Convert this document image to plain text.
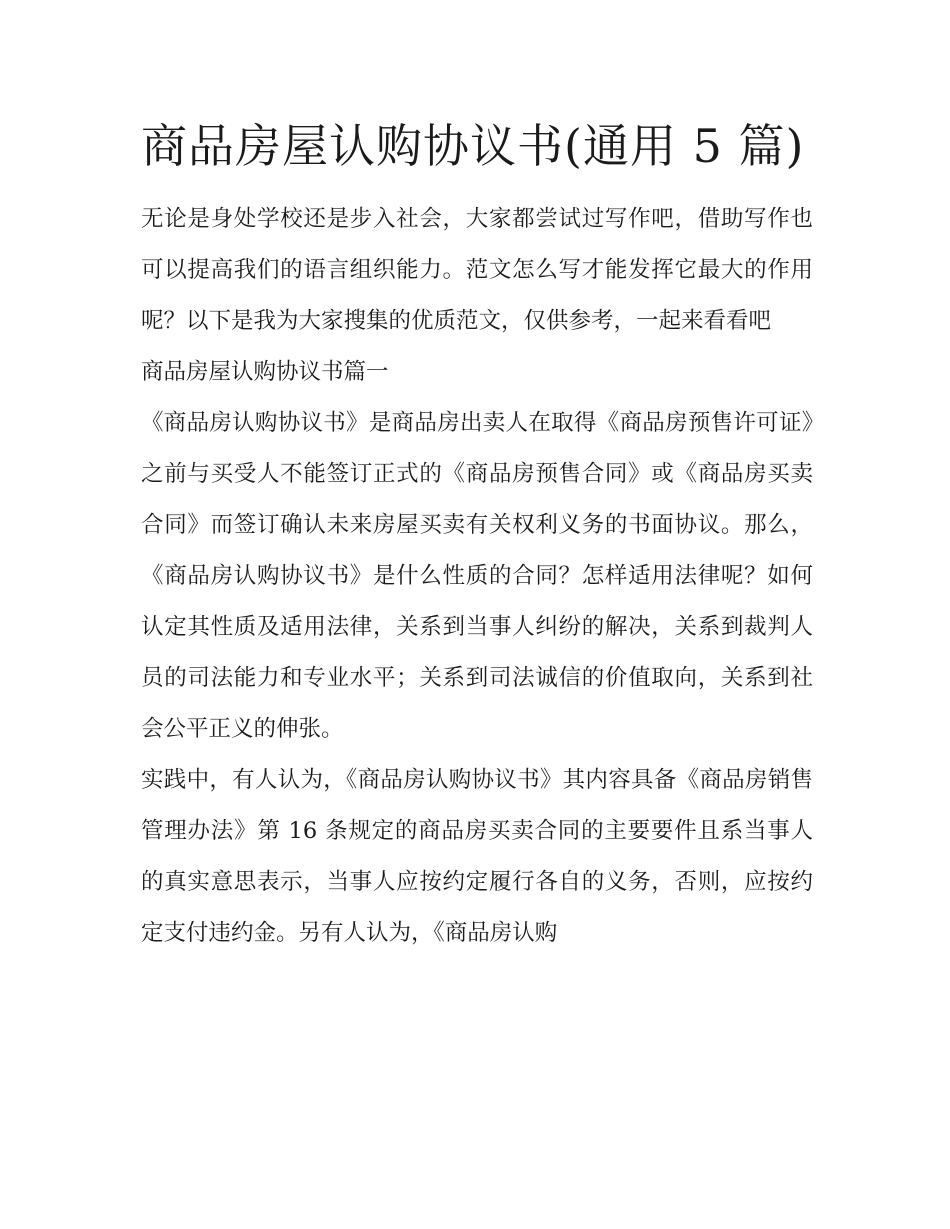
商品房屋认购协议书(通用 5 篇)

无论是身处学校还是步入社会，大家都尝试过写作吧，借助写作也可以提高我们的语言组织能力。范文怎么写才能发挥它最大的作用呢？以下是我为大家搜集的优质范文，仅供参考，一起来看看吧

商品房屋认购协议书篇一

《商品房认购协议书》是商品房出卖人在取得《商品房预售许可证》之前与买受人不能签订正式的《商品房预售合同》或《商品房买卖合同》而签订确认未来房屋买卖有关权利义务的书面协议。那么，《商品房认购协议书》是什么性质的合同？怎样适用法律呢？如何认定其性质及适用法律，关系到当事人纠纷的解决，关系到裁判人员的司法能力和专业水平；关系到司法诚信的价值取向，关系到社会公平正义的伸张。

实践中，有人认为，《商品房认购协议书》其内容具备《商品房销售管理办法》第 16 条规定的商品房买卖合同的主要要件且系当事人的真实意思表示，当事人应按约定履行各自的义务，否则，应按约定支付违约金。另有人认为，《商品房认购
